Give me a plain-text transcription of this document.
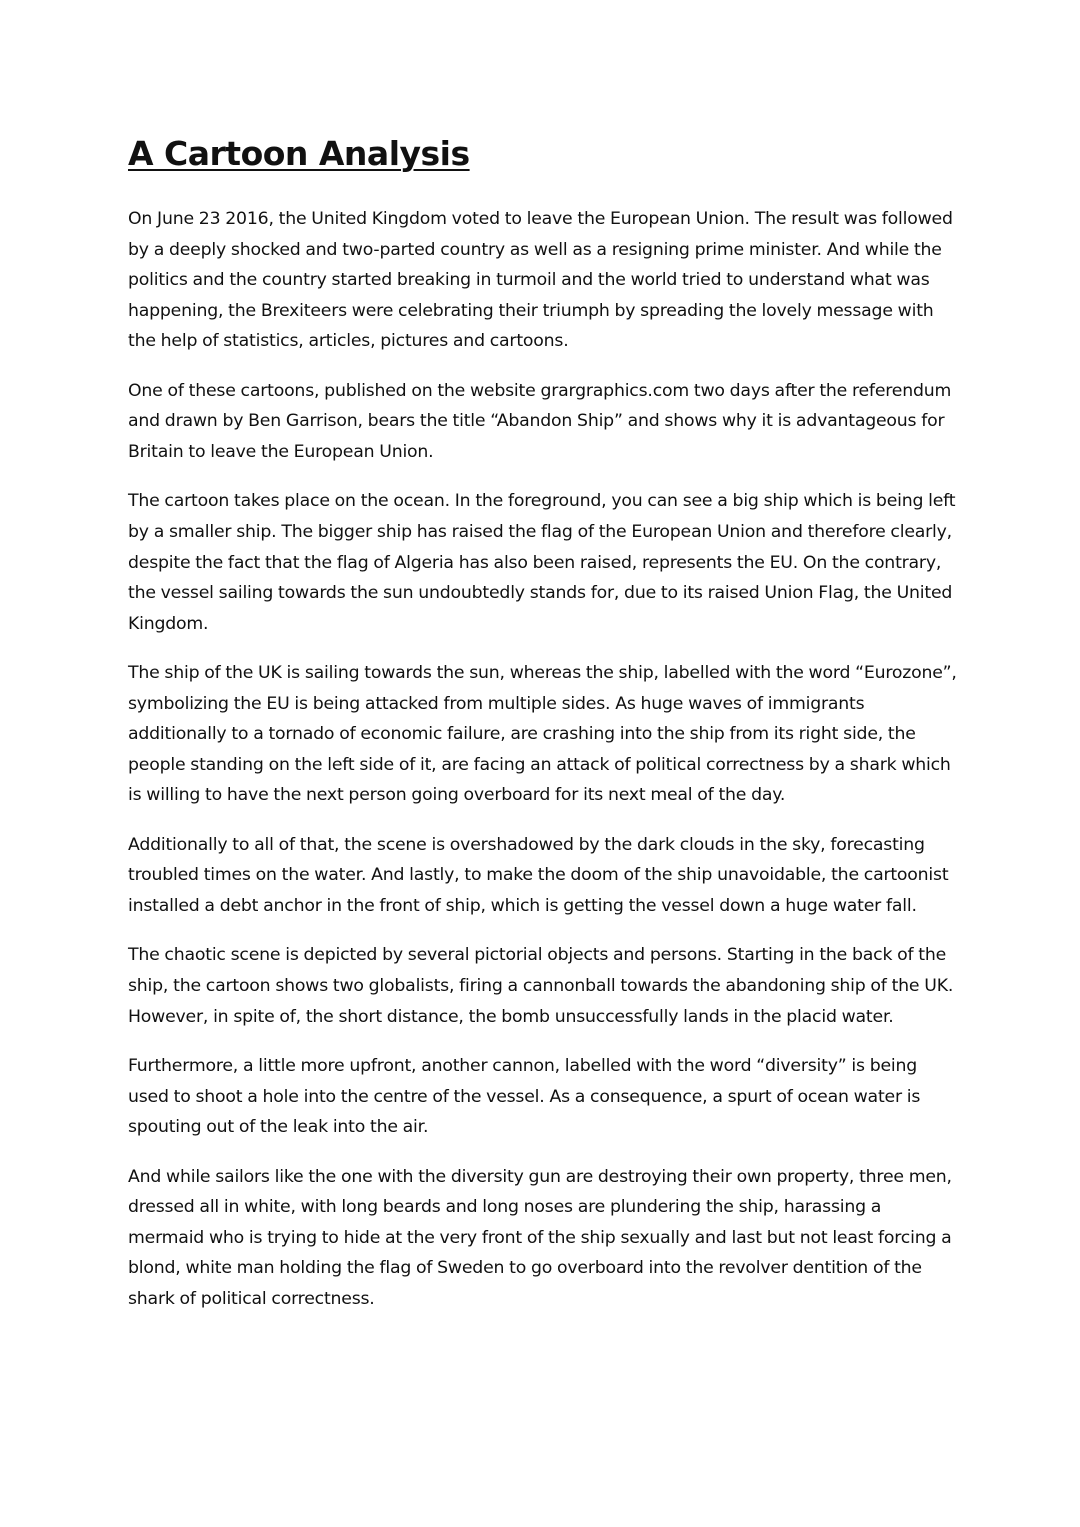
A Cartoon Analysis

On June 23 2016, the United Kingdom voted to leave the European Union. The result was followed by a deeply shocked and two-parted country as well as a resigning prime minister. And while the politics and the country started breaking in turmoil and the world tried to understand what was happening, the Brexiteers were celebrating their triumph by spreading the lovely message with the help of statistics, articles, pictures and cartoons.

One of these cartoons, published on the website grargraphics.com two days after the referendum and drawn by Ben Garrison, bears the title “Abandon Ship” and shows why it is advantageous for Britain to leave the European Union.

The cartoon takes place on the ocean. In the foreground, you can see a big ship which is being left by a smaller ship. The bigger ship has raised the flag of the European Union and therefore clearly, despite the fact that the flag of Algeria has also been raised, represents the EU. On the contrary, the vessel sailing towards the sun undoubtedly stands for, due to its raised Union Flag, the United Kingdom.

The ship of the UK is sailing towards the sun, whereas the ship, labelled with the word “Eurozone”, symbolizing the EU is being attacked from multiple sides. As huge waves of immigrants additionally to a tornado of economic failure, are crashing into the ship from its right side, the people standing on the left side of it, are facing an attack of political correctness by a shark which is willing to have the next person going overboard for its next meal of the day.

Additionally to all of that, the scene is overshadowed by the dark clouds in the sky, forecasting troubled times on the water. And lastly, to make the doom of the ship unavoidable, the cartoonist installed a debt anchor in the front of ship, which is getting the vessel down a huge water fall.

The chaotic scene is depicted by several pictorial objects and persons. Starting in the back of the ship, the cartoon shows two globalists, firing a cannonball towards the abandoning ship of the UK. However, in spite of, the short distance, the bomb unsuccessfully lands in the placid water.

Furthermore, a little more upfront, another cannon, labelled with the word “diversity” is being used to shoot a hole into the centre of the vessel. As a consequence, a spurt of ocean water is spouting out of the leak into the air.

And while sailors like the one with the diversity gun are destroying their own property, three men, dressed all in white, with long beards and long noses are plundering the ship, harassing a mermaid who is trying to hide at the very front of the ship sexually and last but not least forcing a blond, white man holding the flag of Sweden to go overboard into the revolver dentition of the shark of political correctness.
